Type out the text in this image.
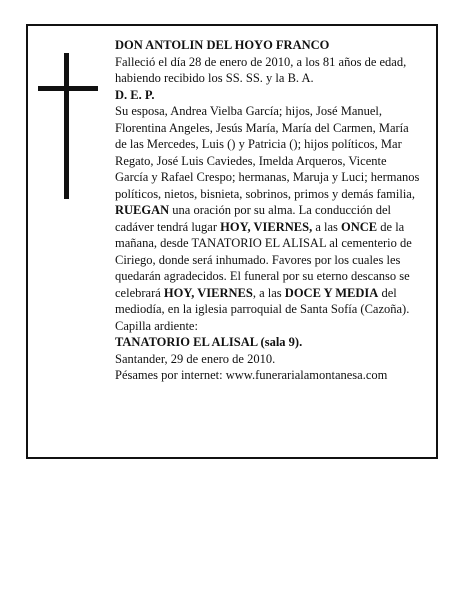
DON ANTOLIN DEL HOYO FRANCO

Falleció el día 28 de enero de 2010, a los 81 años de edad, habiendo recibido los SS. SS. y la B. A.

D. E. P.

Su esposa, Andrea Vielba García; hijos, José Manuel, Florentina Angeles, Jesús María, María del Carmen, María de las Mercedes, Luis () y Patricia (); hijos políticos, Mar Regato, José Luis Caviedes, Imelda Arqueros, Vicente García y Rafael Crespo; hermanas, Maruja y Luci; hermanos políticos, nietos, bisnieta, sobrinos, primos y demás familia,

RUEGAN una oración por su alma. La conducción del cadáver tendrá lugar HOY, VIERNES, a las ONCE de la mañana, desde TANATORIO EL ALISAL al cementerio de Ciriego, donde será inhumado. Favores por los cuales les quedarán agradecidos. El funeral por su eterno descanso se celebrará HOY, VIERNES, a las DOCE Y MEDIA del mediodía, en la iglesia parroquial de Santa Sofía (Cazoña). Capilla ardiente:

TANATORIO EL ALISAL (sala 9).

Santander, 29 de enero de 2010.

Pésames por internet: www.funerarialamontanesa.com
